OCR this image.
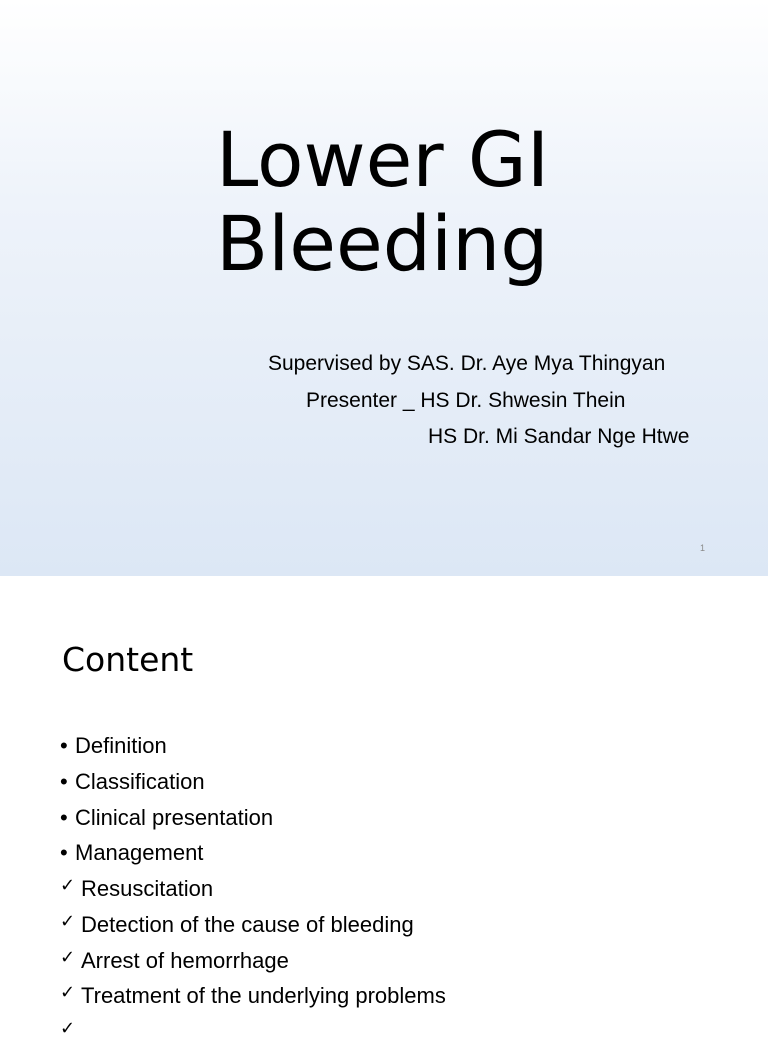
Lower GI
Bleeding
Supervised by SAS. Dr. Aye Mya Thingyan
Presenter _ HS Dr. Shwesin Thein
HS Dr. Mi Sandar Nge Htwe
1
Content
• Definition
• Classification
• Clinical presentation
• Management
✓ Resuscitation
✓ Detection of the cause of bleeding
✓ Arrest of hemorrhage
✓ Treatment of the underlying problems
✓
